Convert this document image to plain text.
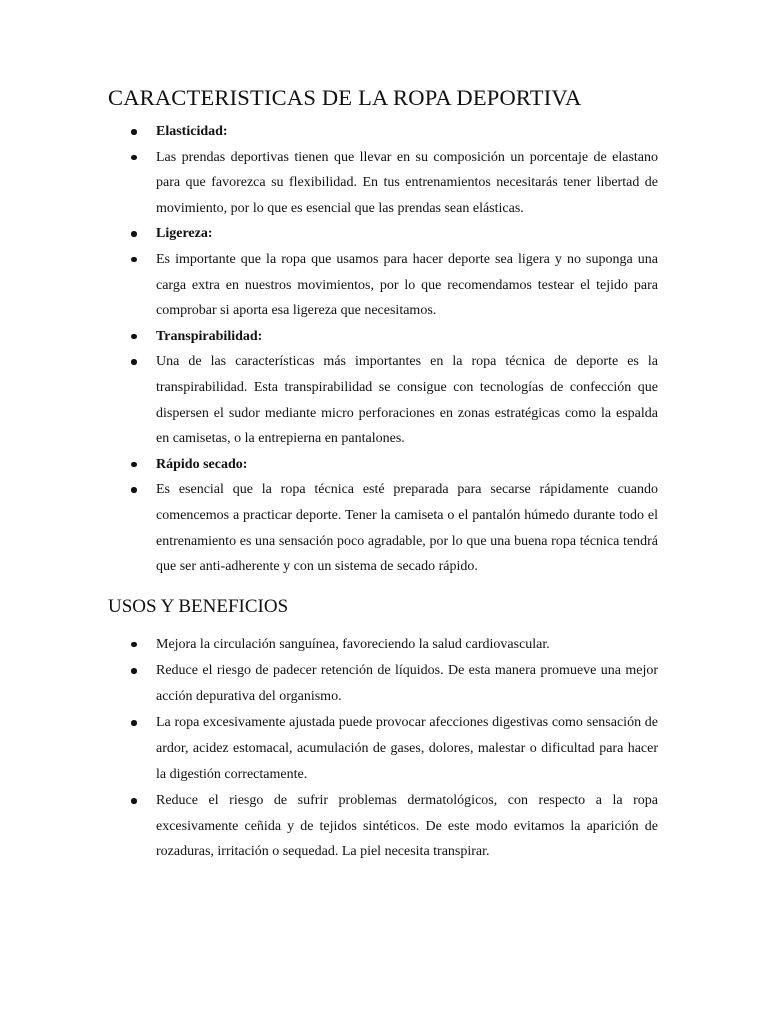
CARACTERISTICAS DE LA ROPA DEPORTIVA
Elasticidad:
Las prendas deportivas tienen que llevar en su composición un porcentaje de elastano para que favorezca su flexibilidad. En tus entrenamientos necesitarás tener libertad de movimiento, por lo que es esencial que las prendas sean elásticas.
Ligereza:
Es importante que la ropa que usamos para hacer deporte sea ligera y no suponga una carga extra en nuestros movimientos, por lo que recomendamos testear el tejido para comprobar si aporta esa ligereza que necesitamos.
Transpirabilidad:
Una de las características más importantes en la ropa técnica de deporte es la transpirabilidad. Esta transpirabilidad se consigue con tecnologías de confección que dispersen el sudor mediante micro perforaciones en zonas estratégicas como la espalda en camisetas, o la entrepierna en pantalones.
Rápido secado:
Es esencial que la ropa técnica esté preparada para secarse rápidamente cuando comencemos a practicar deporte. Tener la camiseta o el pantalón húmedo durante todo el entrenamiento es una sensación poco agradable, por lo que una buena ropa técnica tendrá que ser anti-adherente y con un sistema de secado rápido.
USOS Y BENEFICIOS
Mejora la circulación sanguínea, favoreciendo la salud cardiovascular.
Reduce el riesgo de padecer retención de líquidos. De esta manera promueve una mejor acción depurativa del organismo.
La ropa excesivamente ajustada puede provocar afecciones digestivas como sensación de ardor, acidez estomacal, acumulación de gases, dolores, malestar o dificultad para hacer la digestión correctamente.
Reduce el riesgo de sufrir problemas dermatológicos, con respecto a la ropa excesivamente ceñida y de tejidos sintéticos. De este modo evitamos la aparición de rozaduras, irritación o sequedad. La piel necesita transpirar.
